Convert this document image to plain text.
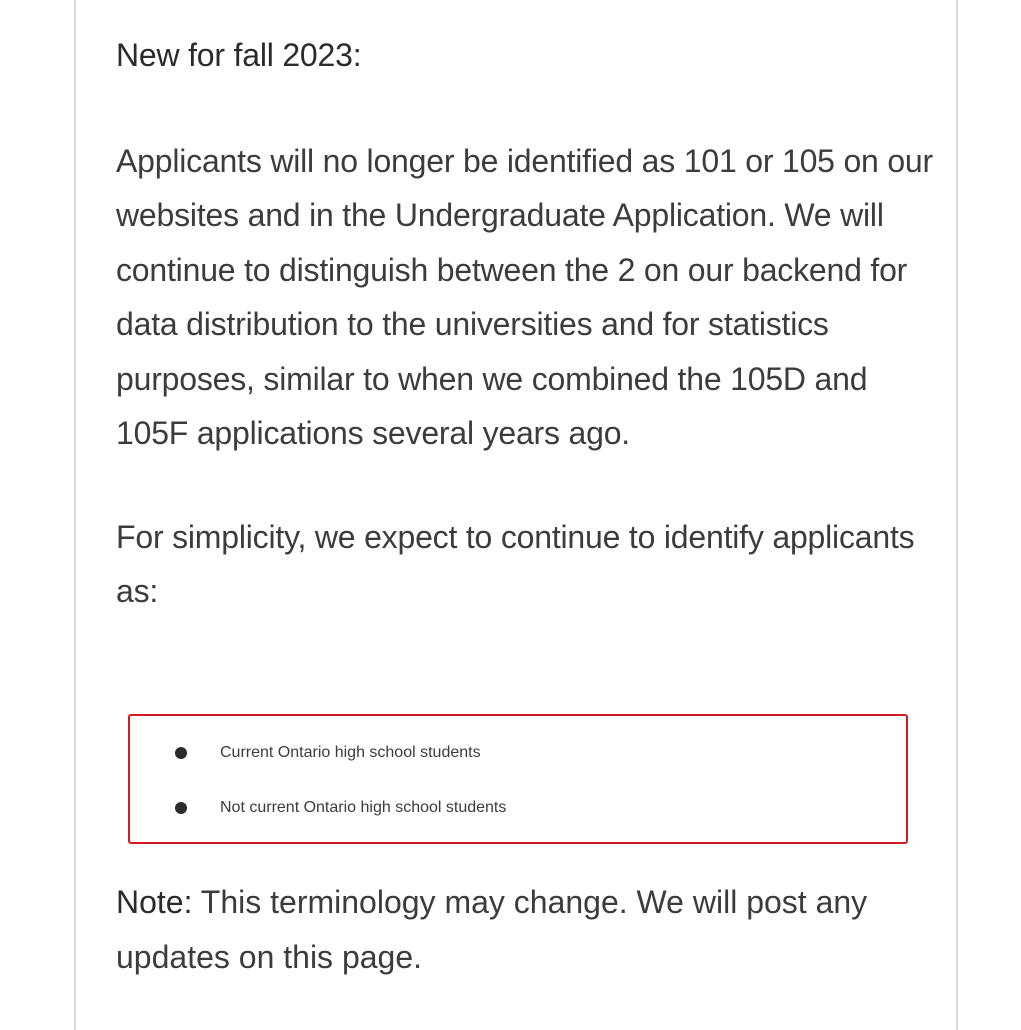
New for fall 2023:

Applicants will no longer be identified as 101 or 105 on our websites and in the Undergraduate Application. We will continue to distinguish between the 2 on our backend for data distribution to the universities and for statistics purposes, similar to when we combined the 105D and 105F applications several years ago.

For simplicity, we expect to continue to identify applicants as:

Current Ontario high school students
Not current Ontario high school students

Note: This terminology may change. We will post any updates on this page.
